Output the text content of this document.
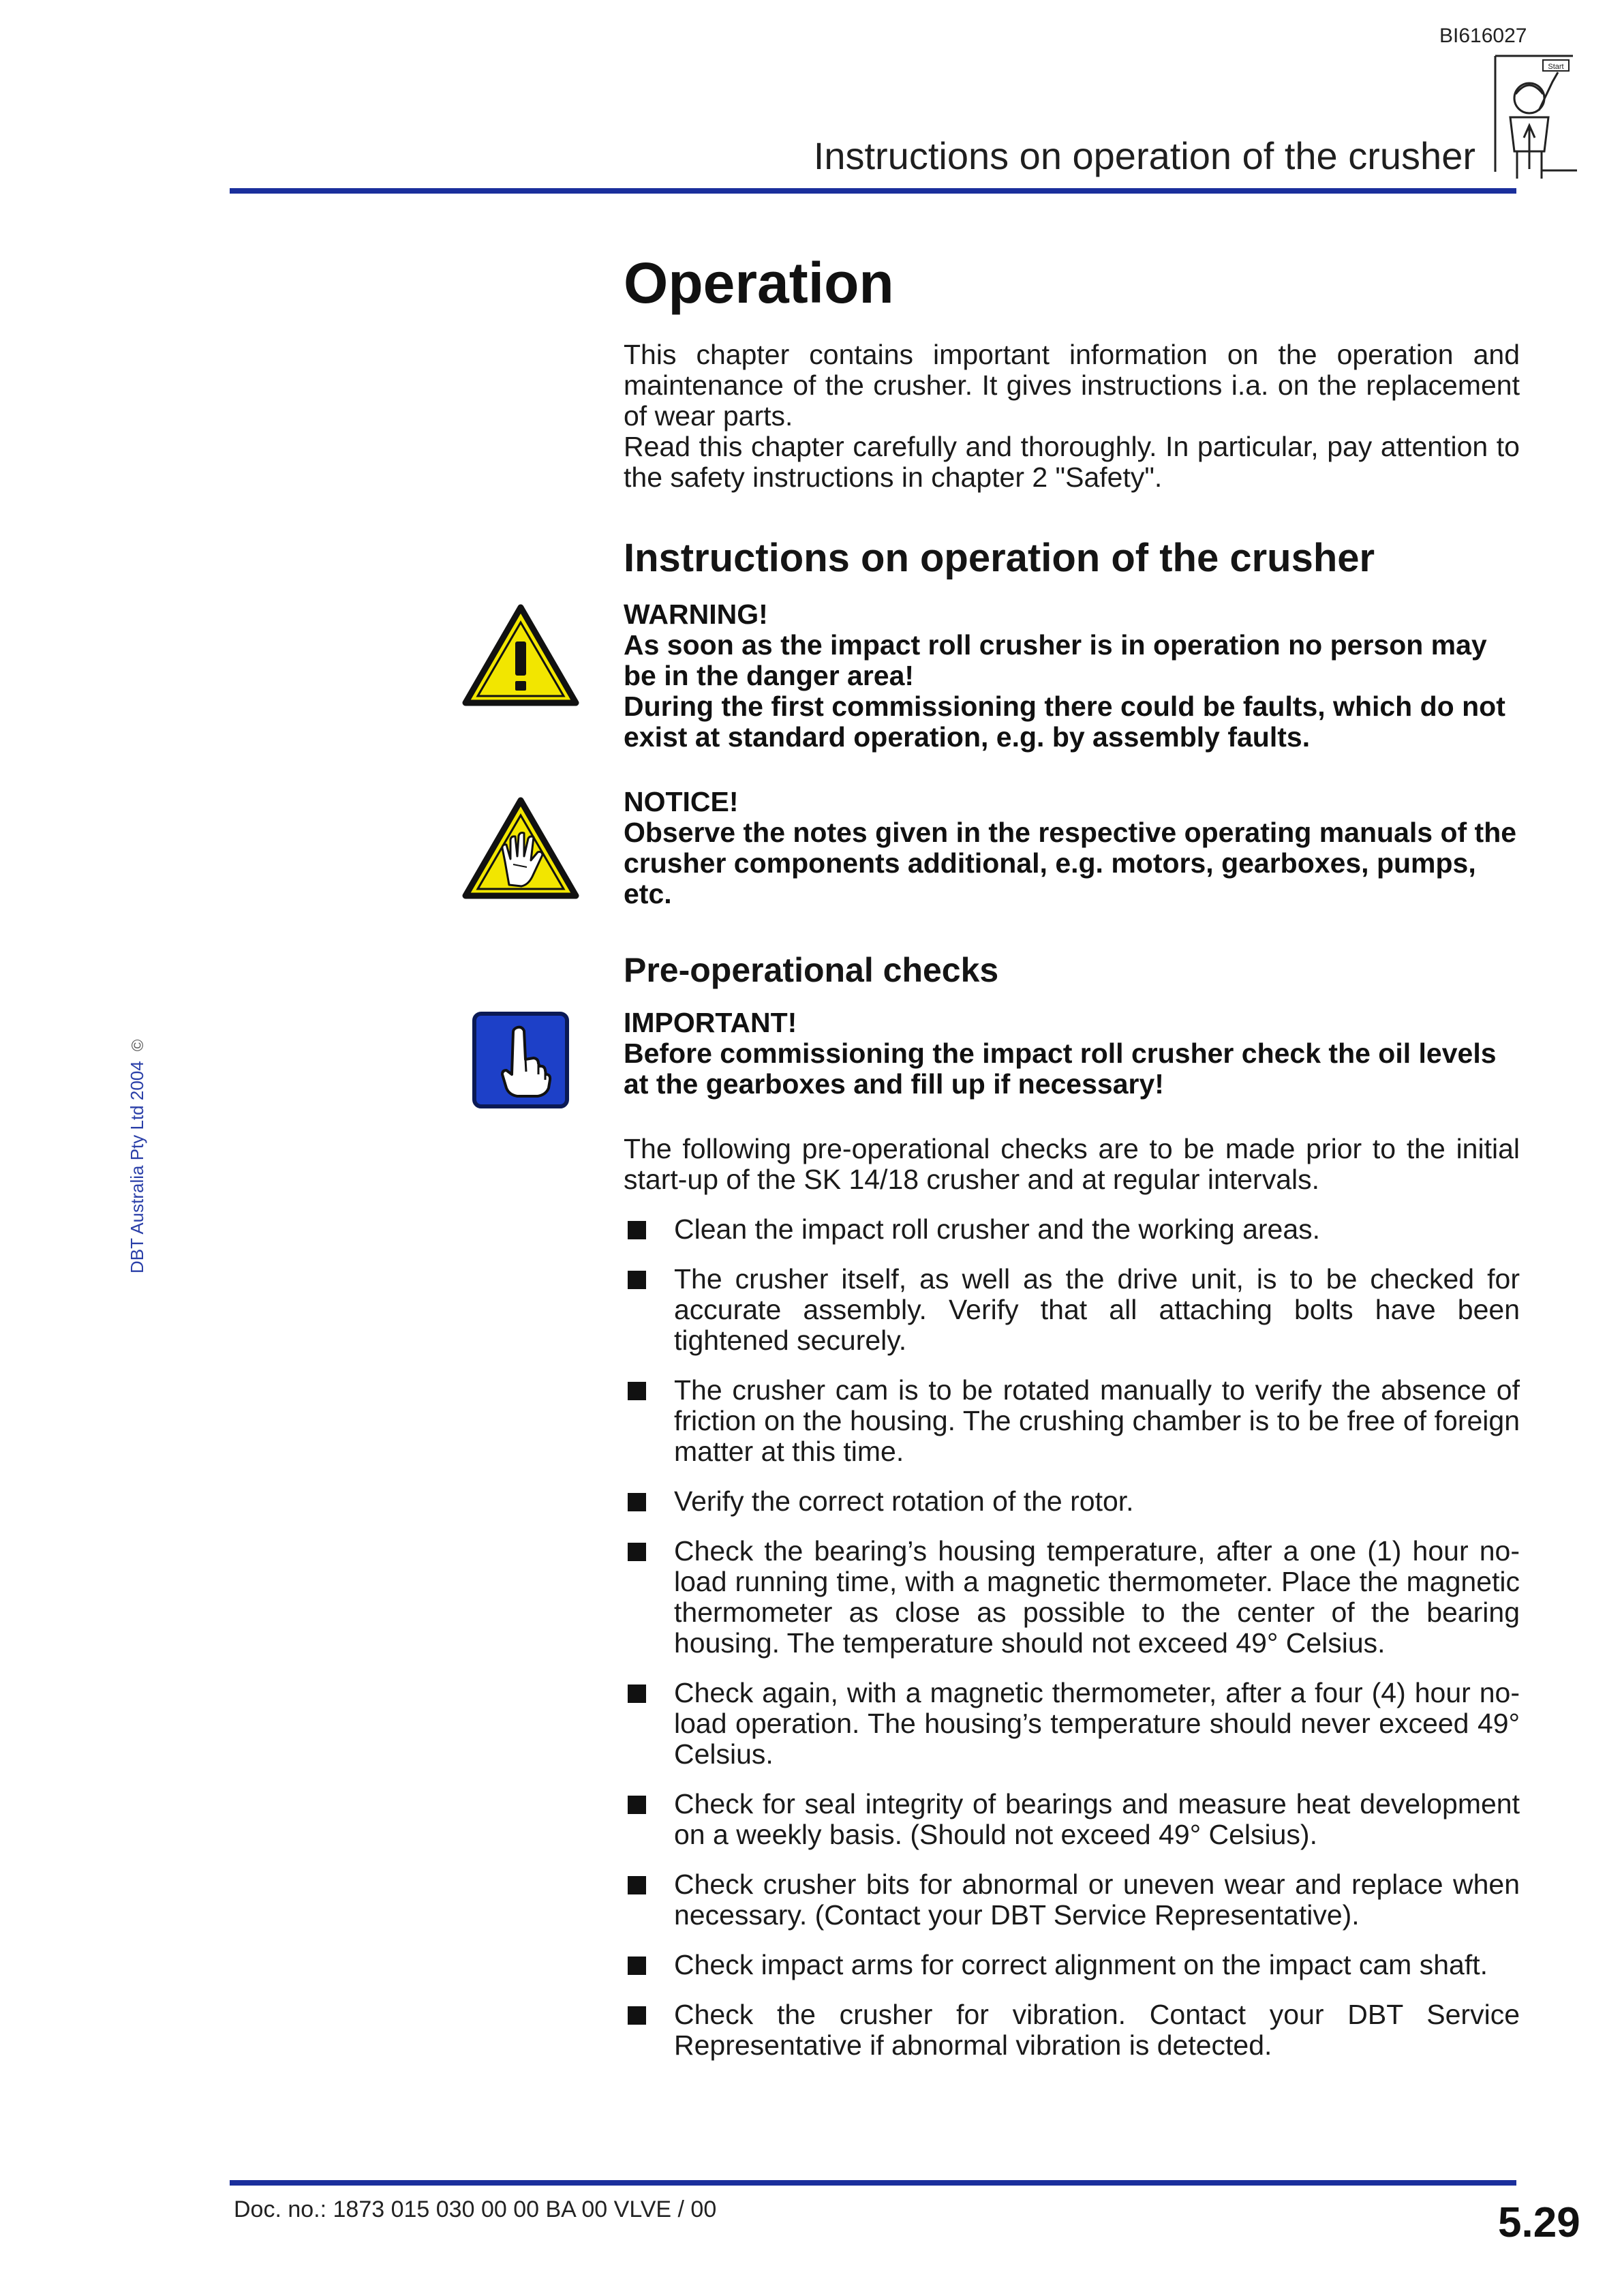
BI616027
Instructions on operation of the crusher
Start
DBT Australia Pty Ltd 2004©
Operation

This chapter contains important information on the operation and maintenance of the crusher. It gives instructions i.a. on the replacement of wear parts.

Read this chapter carefully and thoroughly. In particular, pay attention to the safety instructions in chapter 2 "Safety".

Instructions on operation of the crusher
WARNING!
As soon as the impact roll crusher is in operation no person may be in the danger area!
During the first commissioning there could be faults, which do not exist at standard operation, e.g. by assembly faults.
NOTICE!
Observe the notes given in the respective operating manuals of the crusher components additional, e.g. motors, gearboxes, pumps, etc.
Pre-operational checks
IMPORTANT!
Before commissioning the impact roll crusher check the oil levels at the gearboxes and fill up if necessary!

The following pre-operational checks are to be made prior to the initial start-up of the SK 14/18 crusher and at regular intervals.

Clean the impact roll crusher and the working areas.
The crusher itself, as well as the drive unit, is to be checked for accurate assembly. Verify that all attaching bolts have been tightened securely.
The crusher cam is to be rotated manually to verify the absence of friction on the housing. The crushing chamber is to be free of foreign matter at this time.
Verify the correct rotation of the rotor.
Check the bearing’s housing temperature, after a one (1) hour no-load running time, with a magnetic thermometer. Place the magnetic thermometer as close as possible to the center of the bearing housing. The temperature should not exceed 49° Celsius.
Check again, with a magnetic thermometer, after a four (4) hour no-load operation. The housing’s temperature should never exceed 49° Celsius.
Check for seal integrity of bearings and measure heat development on a weekly basis. (Should not exceed 49° Celsius).
Check crusher bits for abnormal or uneven wear and replace when necessary. (Contact your DBT Service Representative).
Check impact arms for correct alignment on the impact cam shaft.
Check the crusher for vibration. Contact your DBT Service Representative if abnormal vibration is detected.
Doc. no.: 1873 015 030 00 00 BA 00 VLVE / 00	5.29
